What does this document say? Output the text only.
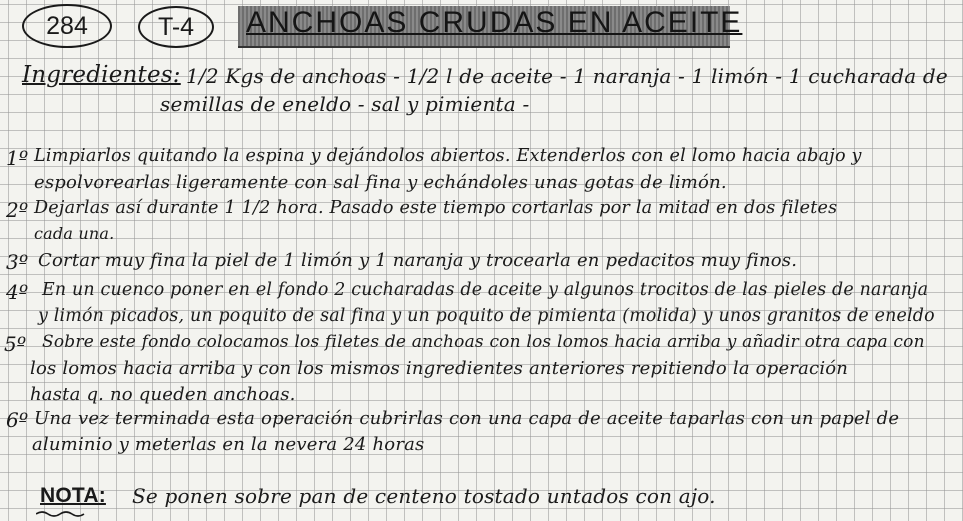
284	T-4 ANCHOAS CRUDAS EN ACEITE
Ingredientes: 1/2 Kgs de anchoas - 1/2 l de aceite - 1 naranja - 1 limón - 1 cucharada de
semillas de eneldo - sal y pimienta -
1º Limpiarlos quitando la espina y dejándolos abiertos. Extenderlos con el lomo hacia abajo y
espolvorearlas ligeramente con sal fina y echándoles unas gotas de limón.
2º Dejarlas así durante 1 1/2 hora. Pasado este tiempo cortarlas por la mitad en dos filetes
cada una.
3º Cortar muy fina la piel de 1 limón y 1 naranja y trocearla en pedacitos muy finos.
4º En un cuenco poner en el fondo 2 cucharadas de aceite y algunos trocitos de las pieles de naranja
y limón picados, un poquito de sal fina y un poquito de pimienta (molida) y unos granitos de eneldo
5º Sobre este fondo colocamos los filetes de anchoas con los lomos hacia arriba y añadir otra capa con
los lomos hacia arriba y con los mismos ingredientes anteriores repitiendo la operación
hasta q. no queden anchoas.
6º Una vez terminada esta operación cubrirlas con una capa de aceite taparlas con un papel de
aluminio y meterlas en la nevera 24 horas
NOTA: Se ponen sobre pan de centeno tostado untados con ajo.
